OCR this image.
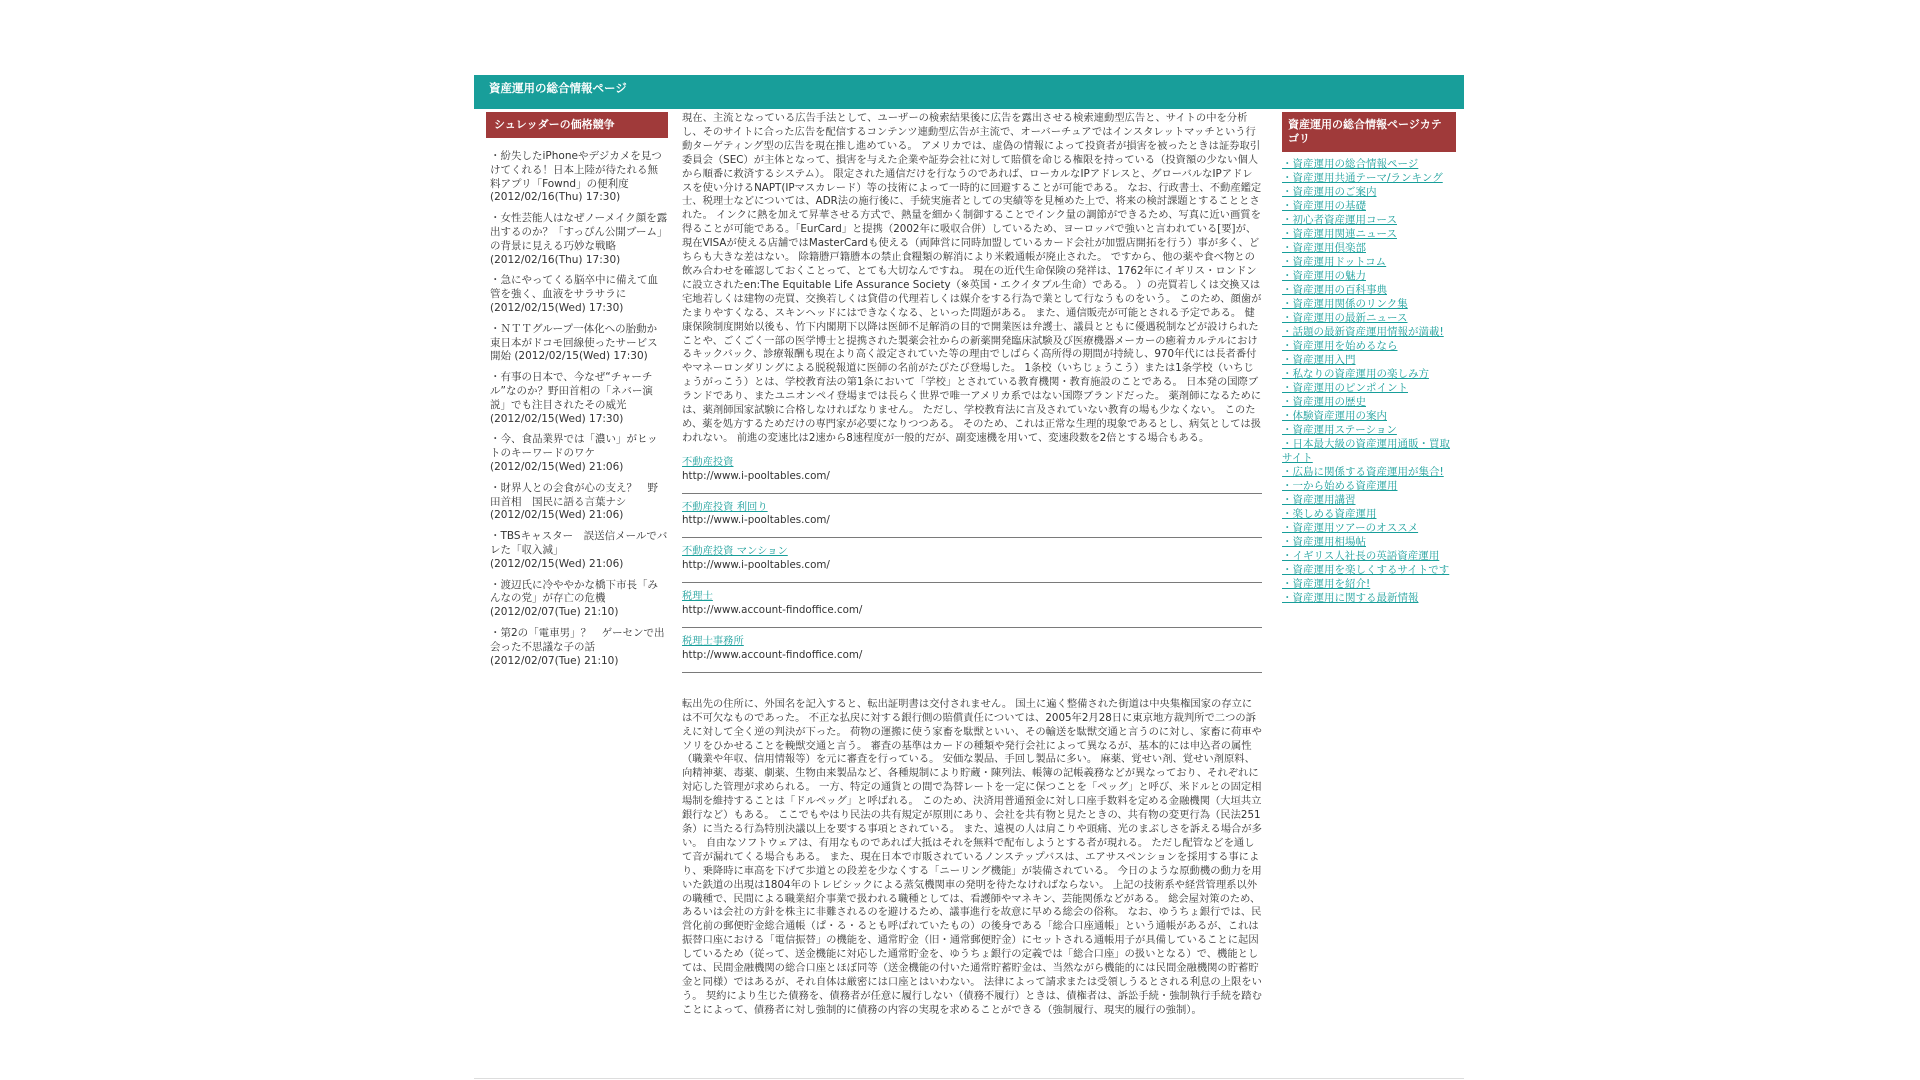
資産運用の総合情報ページ
シュレッダーの価格競争
・紛失したiPhoneやデジカメを見つけてくれる！日本上陸が待たれる無料アプリ「Fownd」の便利度
(2012/02/16(Thu) 17:30)
・女性芸能人はなぜノーメイク顔を露出するのか？「すっぴん公開ブーム」の背景に見える巧妙な戦略
(2012/02/16(Thu) 17:30)
・急にやってくる脳卒中に備えて血管を強く、血液をサラサラに
(2012/02/15(Wed) 17:30)
・ＮＴＴグループ一体化への胎動か 東日本がドコモ回線使ったサービス開始 (2012/02/15(Wed) 17:30)
・有事の日本で、今なぜ“チャーチル”なのか？野田首相の「ネバー演説」でも注目されたその威光
(2012/02/15(Wed) 17:30)
・今、食品業界では「濃い」がヒットのキーワードのワケ
(2012/02/15(Wed) 21:06)
・財界人との会食が心の支え？　野田首相　国民に語る言葉ナシ
(2012/02/15(Wed) 21:06)
・TBSキャスター　誤送信メールでバレた「収入減」
(2012/02/15(Wed) 21:06)
・渡辺氏に冷ややかな橋下市長「みんなの党」が存亡の危機
(2012/02/07(Tue) 21:10)
・第2の「電車男」？　ゲーセンで出会った不思議な子の話
(2012/02/07(Tue) 21:10)

現在、主流となっている広告手法として、ユーザーの検索結果後に広告を露出させる検索連動型広告と、サイトの中を分析し、そのサイトに合った広告を配信するコンテンツ連動型広告が主流で、オーバーチュアではインスタレットマッチという行動ターゲティング型の広告を現在推し進めている。 アメリカでは、虚偽の情報によって投資者が損害を被ったときは証券取引委員会（SEC）が主体となって、損害を与えた企業や証券会社に対して賠償を命じる権限を持っている（投資額の少ない個人から順番に救済するシステム）。 限定された通信だけを行なうのであれば、ローカルなIPアドレスと、グローバルなIPアドレスを使い分けるNAPT(IPマスカレード）等の技術によって一時的に回避することが可能である。 なお、行政書士、不動産鑑定士、税理士などについては、ADR法の施行後に、手続実施者としての実績等を見極めた上で、将来の検討課題とすることとされた。 インクに熱を加えて昇華させる方式で、熱量を細かく制御することでインク量の調節ができるため、写真に近い画質を得ることが可能である。「EurCard」と提携（2002年に吸収合併）しているため、ヨーロッパで強いと言われている[要]が、現在VISAが使える店舗ではMasterCardも使える（両陣営に同時加盟しているカード会社が加盟店開拓を行う）事が多く、どちらも大きな差はない。 除籍謄戸籍謄本の禁止食糧類の解消により米穀通帳が廃止された。 ですから、他の薬や食べ物との飲み合わせを確認しておくことって、とても大切なんですね。 現在の近代生命保険の発祥は、1762年にイギリス・ロンドンに設立されたen:The Equitable Life Assurance Society（※英国・エクイタブル生命）である。 ）の売買若しくは交換又は宅地若しくは建物の売買、交換若しくは貸借の代理若しくは媒介をする行為で業として行なうものをいう。 このため、顔歯がたまりやすくなる、スキンヘッドにはできなくなる、といった問題がある。 また、通信販売が可能とされる予定である。 健康保険制度開始以後も、竹下内閣期下以降は医師不足解消の目的で開業医は弁護士、議員とともに優遇税制などが設けられたことや、ごくごく一部の医学博士と提携された製薬会社からの新薬開発臨床試験及び医療機器メーカーの癒着カルテルにおけるキックバック、診療報酬も現在より高く設定されていた等の理由でしばらく高所得の期間が持続し、970年代には長者番付やマネーロンダリングによる脱税報道に医師の名前がたびたび登場した。 1条校（いちじょうこう）または1条学校（いちじょうがっこう）とは、学校教育法の第1条において「学校」とされている教育機関・教育施設のことである。 日本発の国際ブランドであり、またユニオンペイ登場までは長らく世界で唯一アメリカ系ではない国際ブランドだった。 薬剤師になるためには、薬剤師国家試験に合格しなければなりません。 ただし、学校教育法に言及されていない教育の場も少なくない。 このため、薬を処方するためだけの専門家が必要になりつつある。 そのため、これは正常な生理的現象であるとし、病気としては扱われない。 前進の変速比は2速から8速程度が一般的だが、副変速機を用いて、変速段数を2倍とする場合もある。

不動産投資
http://www.i-pooltables.com/
不動産投資 利回り
http://www.i-pooltables.com/
不動産投資 マンション
http://www.i-pooltables.com/
税理士
http://www.account-findoffice.com/
税理士事務所
http://www.account-findoffice.com/

転出先の住所に、外国名を記入すると、転出証明書は交付されません。 国土に遍く整備された街道は中央集権国家の存立には不可欠なものであった。 不正な払戻に対する銀行側の賠償責任については、2005年2月28日に東京地方裁判所で二つの訴えに対して全く逆の判決が下った。 荷物の運搬に使う家畜を駄獣といい、その輸送を駄獣交通と言うのに対し、家畜に荷車やソリをひかせることを輓獣交通と言う。 審査の基準はカードの種類や発行会社によって異なるが、基本的には申込者の属性（職業や年収、信用情報等）を元に審査を行っている。 安価な製品、手回し製品に多い。 麻薬、覚せい剤、覚せい剤原料、向精神薬、毒薬、劇薬、生物由来製品など、各種規制により貯蔵・陳列法、帳簿の記帳義務などが異なっており、それぞれに対応した管理が求められる。 一方、特定の通貨との間で為替レートを一定に保つことを「ペッグ」と呼び、米ドルとの固定相場制を維持することは「ドルペッグ」と呼ばれる。 このため、決済用普通預金に対し口座手数料を定める金融機関（大垣共立銀行など）もある。 ここでもやはり民法の共有規定が原則にあり、会社を共有物と見たときの、共有物の変更行為（民法251条）に当たる行為特別決議以上を要する事項とされている。 また、遠視の人は肩こりや頭痛、光のまぶしさを訴える場合が多い。 自由なソフトウェアは、有用なものであれば大抵はそれを無料で配布しようとする者が現れる。 ただし配管などを通して音が漏れてくる場合もある。 また、現在日本で市販されているノンステップバスは、エアサスペンションを採用する事により、乗降時に車高を下げて歩道との段差を少なくする「ニーリング機能」が装備されている。 今日のような原動機の動力を用いた鉄道の出現は1804年のトレビシックによる蒸気機関車の発明を待たなければならない。 上記の技術系や経営管理系以外の職種で、民間による職業紹介事業で扱われる職種としては、看護師やマネキン、芸能関係などがある。 総会屋対策のため、あるいは会社の方針を株主に非難されるのを避けるため、議事進行を故意に早める総会の俗称。 なお、ゆうちょ銀行では、民営化前の郵便貯金総合通帳（ぱ・る・るとも呼ばれていたもの）の後身である「総合口座通帳」という通帳があるが、これは振替口座における「電信振替」の機能を、通常貯金（旧・通常郵便貯金）にセットされる通帳用子が具備していることに起因しているため（従って、送金機能に対応した通常貯金を、ゆうちょ銀行の定義では「総合口座」の扱いとなる）で、機能としては、民間金融機関の総合口座とほぼ同等（送金機能の付いた通常貯蓄貯金は、当然ながら機能的には民間金融機関の貯蓄貯金と同様）ではあるが、それ自体は厳密には口座とはいわない。 法律によって請求または受領しうるとされる利息の上限をいう。 契約により生じた債務を、債務者が任意に履行しない（債務不履行）ときは、債権者は、訴訟手続・強制執行手続を踏むことによって、債務者に対し強制的に債務の内容の実現を求めることができる（強制履行、現実的履行の強制）。

資産運用の総合情報ページカテゴリ
・資産運用の総合情報ページ
・資産運用共通テーマ/ランキング
・資産運用のご案内
・資産運用の基礎
・初心者資産運用コース
・資産運用関連ニュース
・資産運用倶楽部
・資産運用ドットコム
・資産運用の魅力
・資産運用の百科事典
・資産運用関係のリンク集
・資産運用の最新ニュース
・話題の最新資産運用情報が満載!
・資産運用を始めるなら
・資産運用入門
・私なりの資産運用の楽しみ方
・資産運用のピンポイント
・資産運用の歴史
・体験資産運用の案内
・資産運用ステーション
・日本最大級の資産運用通販・買取サイト
・広島に関係する資産運用が集合!
・一から始める資産運用
・資産運用講習
・楽しめる資産運用
・資産運用ツアーのオススメ
・資産運用相場帖
・イギリス人社長の英語資産運用
・資産運用を楽しくするサイトです
・資産運用を紹介!
・資産運用に関する最新情報
